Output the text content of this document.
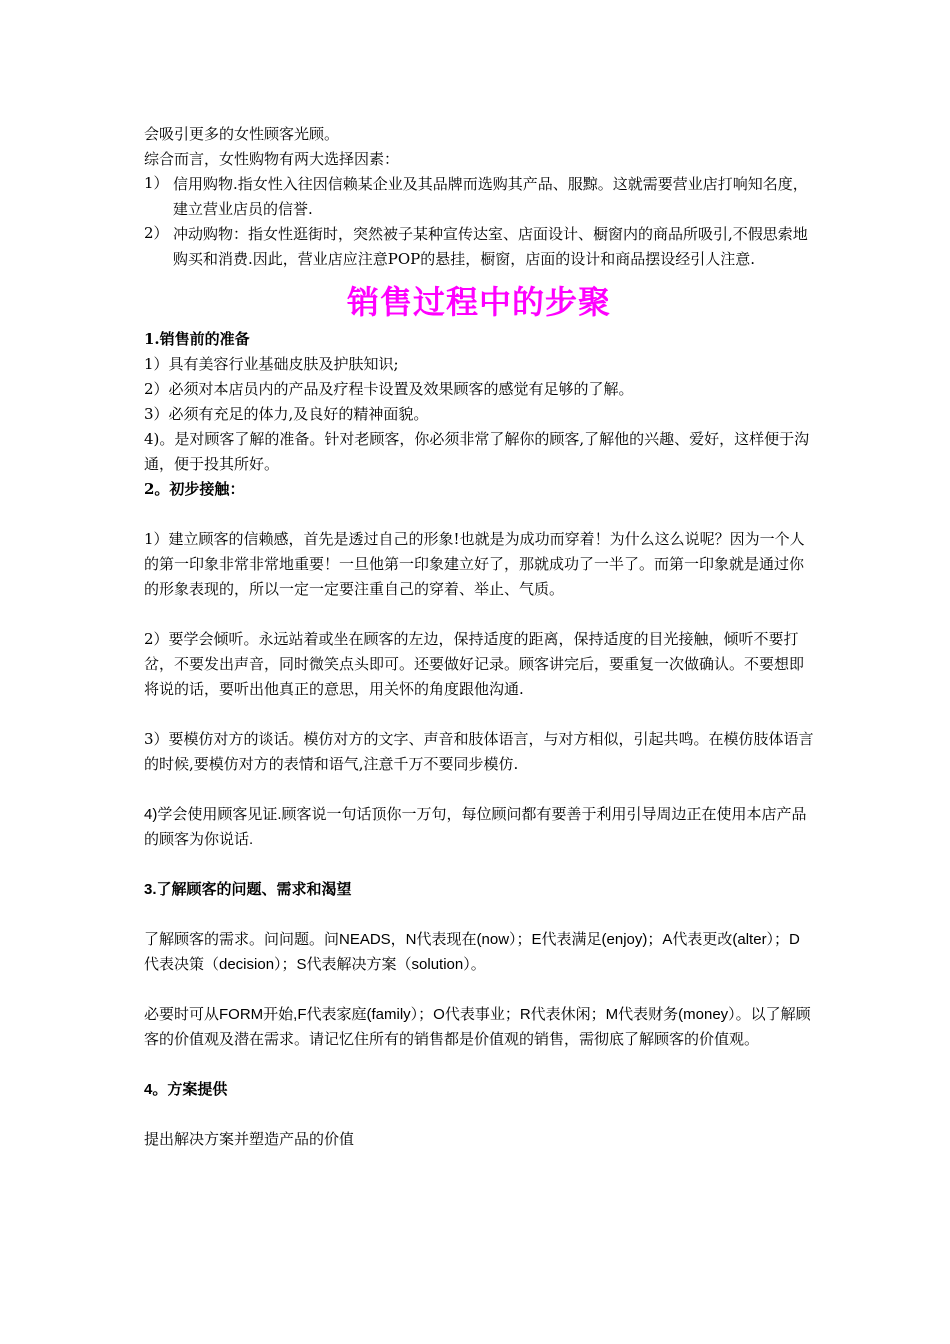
会吸引更多的女性顾客光顾。

综合而言，女性购物有两大选择因素：

1） 信用购物.指女性入往因信赖某企业及其品牌而选购其产品、服黥。这就需要营业店打响知名度，建立营业店员的信誉.

2） 冲动购物：指女性逛街时，突然被子某种宣传达室、店面设计、橱窗内的商品所吸引,不假思索地购买和消费.因此，营业店应注意POP的悬挂，橱窗，店面的设计和商品摆设经引人注意.

销售过程中的步聚

1.销售前的准备

1）具有美容行业基础皮肤及护肤知识;

2）必须对本店员内的产品及疗程卡设置及效果顾客的感觉有足够的了解。

3）必须有充足的体力,及良好的精神面貌。

4)。是对顾客了解的准备。针对老顾客，你必须非常了解你的顾客,了解他的兴趣、爱好，这样便于沟通，便于投其所好。

2。初步接触：

1）建立顾客的信赖感，首先是透过自己的形象!也就是为成功而穿着！为什么这么说呢？因为一个人的第一印象非常非常地重要！一旦他第一印象建立好了，那就成功了一半了。而第一印象就是通过你的形象表现的，所以一定一定要注重自己的穿着、举止、气质。

2）要学会倾听。永远站着或坐在顾客的左边，保持适度的距离，保持适度的目光接触，倾听不要打岔，不要发出声音，同时微笑点头即可。还要做好记录。顾客讲完后，要重复一次做确认。不要想即将说的话，要听出他真正的意思，用关怀的角度跟他沟通.

3）要模仿对方的谈话。模仿对方的文字、声音和肢体语言，与对方相似，引起共鸣。在模仿肢体语言的时候,要模仿对方的表情和语气,注意千万不要同步模仿.

4)学会使用顾客见证.顾客说一句话顶你一万句，每位顾问都有要善于利用引导周边正在使用本店产品的顾客为你说话.

3.了解顾客的问题、需求和渴望

了解顾客的需求。问问题。问NEADS，N代表现在(now）；E代表满足(enjoy)；A代表更改(alter）；D代表决策（decision）；S代表解决方案（solution）。

必要时可从FORM开始,F代表家庭(family）；O代表事业；R代表休闲；M代表财务(money）。以了解顾客的价值观及潜在需求。请记忆住所有的销售都是价值观的销售，需彻底了解顾客的价值观。

4。方案提供

提出解决方案并塑造产品的价值
